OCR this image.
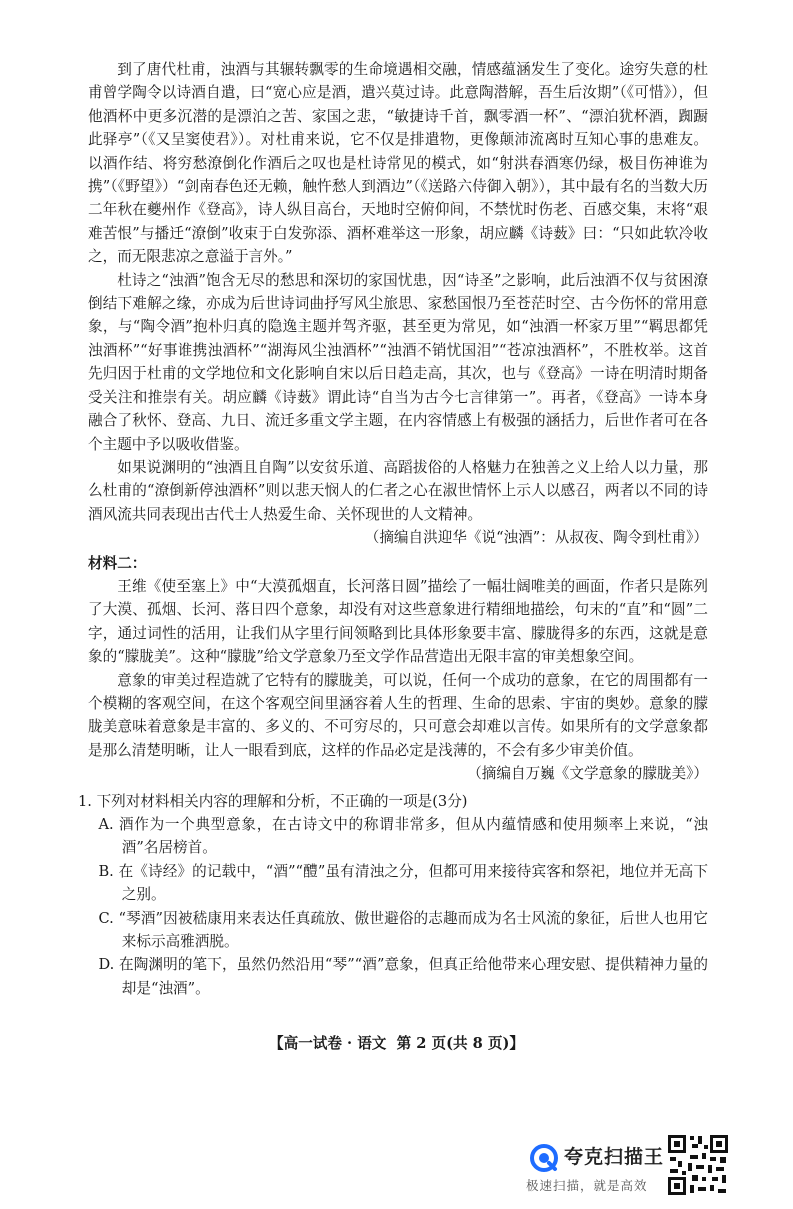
到了唐代杜甫，浊酒与其辗转飘零的生命境遇相交融，情感蕴涵发生了变化。途穷失意的杜甫曾学陶令以诗酒自遣，曰“宽心应是酒，遣兴莫过诗。此意陶潜解，吾生后汝期”（《可惜》），但他酒杯中更多沉潜的是漂泊之苦、家国之悲，“敏捷诗千首，飘零酒一杯”、“漂泊犹杯酒，踟蹰此驿亭”（《又呈窦使君》）。对杜甫来说，它不仅是排遣物，更像颠沛流离时互知心事的患难友。以酒作结、将穷愁潦倒化作酒后之叹也是杜诗常见的模式，如“射洪春酒寒仍绿，极目伤神谁为携”（《野望》）“剑南春色还无赖，触忤愁人到酒边”（《送路六侍御入朝》），其中最有名的当数大历二年秋在夔州作《登高》，诗人纵目高台，天地时空俯仰间，不禁忧时伤老、百感交集，末将“艰难苦恨”与播迁“潦倒”收束于白发弥添、酒杯难举这一形象，胡应麟《诗薮》曰：“只如此软冷收之，而无限悲凉之意溢于言外。”

杜诗之“浊酒”饱含无尽的愁思和深切的家国忧患，因“诗圣”之影响，此后浊酒不仅与贫困潦倒结下难解之缘，亦成为后世诗词曲抒写风尘旅思、家愁国恨乃至苍茫时空、古今伤怀的常用意象，与“陶令酒”抱朴归真的隐逸主题并驾齐驱，甚至更为常见，如“浊酒一杯家万里”“羁思都凭浊酒杯”“好事谁携浊酒杯”“湖海风尘浊酒杯”“浊酒不销忧国泪”“苍凉浊酒杯”，不胜枚举。这首先归因于杜甫的文学地位和文化影响自宋以后日趋走高，其次，也与《登高》一诗在明清时期备受关注和推崇有关。胡应麟《诗薮》谓此诗“自当为古今七言律第一”。再者，《登高》一诗本身融合了秋怀、登高、九日、流迁多重文学主题，在内容情感上有极强的涵括力，后世作者可在各个主题中予以吸收借鉴。

如果说渊明的“浊酒且自陶”以安贫乐道、高蹈拔俗的人格魅力在独善之义上给人以力量，那么杜甫的“潦倒新停浊酒杯”则以悲天悯人的仁者之心在淑世情怀上示人以感召，两者以不同的诗酒风流共同表现出古代士人热爱生命、关怀现世的人文精神。

（摘编自洪迎华《说“浊酒”：从叔夜、陶令到杜甫》）

材料二：

王维《使至塞上》中“大漠孤烟直，长河落日圆”描绘了一幅壮阔唯美的画面，作者只是陈列了大漠、孤烟、长河、落日四个意象，却没有对这些意象进行精细地描绘，句末的“直”和“圆”二字，通过词性的活用，让我们从字里行间领略到比具体形象要丰富、朦胧得多的东西，这就是意象的“朦胧美”。这种“朦胧”给文学意象乃至文学作品营造出无限丰富的审美想象空间。

意象的审美过程造就了它特有的朦胧美，可以说，任何一个成功的意象，在它的周围都有一个模糊的客观空间，在这个客观空间里涵容着人生的哲理、生命的思索、宇宙的奥妙。意象的朦胧美意味着意象是丰富的、多义的、不可穷尽的，只可意会却难以言传。如果所有的文学意象都是那么清楚明晰，让人一眼看到底，这样的作品必定是浅薄的，不会有多少审美价值。

（摘编自万巍《文学意象的朦胧美》）

1. 下列对材料相关内容的理解和分析，不正确的一项是(3分)

A. 酒作为一个典型意象，在古诗文中的称谓非常多，但从内蕴情感和使用频率上来说，“浊酒”名居榜首。

B. 在《诗经》的记载中，“酒”“醴”虽有清浊之分，但都可用来接待宾客和祭祀，地位并无高下之别。

C. “琴酒”因被嵇康用来表达任真疏放、傲世避俗的志趣而成为名士风流的象征，后世人也用它来标示高雅洒脱。

D. 在陶渊明的笔下，虽然仍然沿用“琴”“酒”意象，但真正给他带来心理安慰、提供精神力量的却是“浊酒”。

【高一试卷 · 语文 第 2 页(共 8 页)】
夸克扫描王
极速扫描，就是高效
